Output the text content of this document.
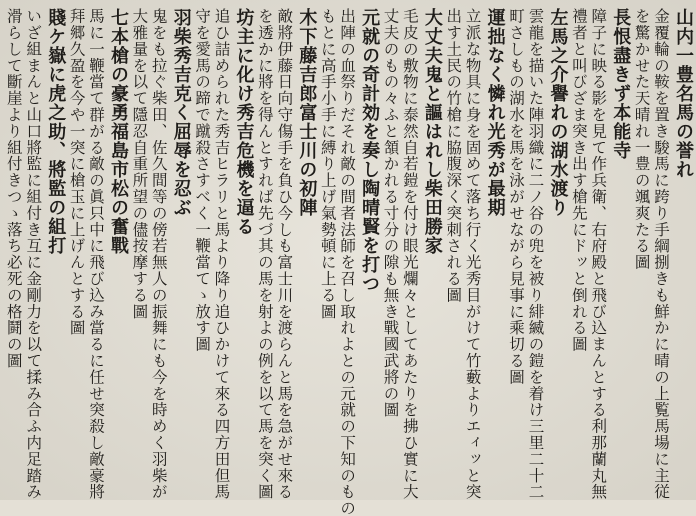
山内一豊名馬の誉れ
金覆輪の鞍を置き駿馬に跨り手綱捌きも鮮かに晴の上覧馬場に主従
を驚かせた天晴れ一豊の颯爽たる圖
長恨盡きず本能寺
障子に映る影を見て作兵衛、右府殿と飛び込まんとする利那蘭丸無
禮者と叫びざま突き出す槍先にドッと倒れる圖
左馬之介譽れの湖水渡り
雲龍を描いた陣羽織に二ノ谷の兜を被り緋縅の鎧を着け三里二十二
町さしもの湖水を馬を泳がせながら見事に乘切る圖
運拙なく憐れ光秀が最期
立派な物具に身を固めて落ち行く光秀目がけて竹藪よりエィッと突
出す土民の竹槍に脇腹深く突刺される圖
大丈夫鬼と謳はれし柴田勝家
毛皮の敷物に泰然自若鎧を付け眼光爛々としてあたりを拂ひ實に大
丈夫のもの々ふと頷かれる寸分の隙も無き戰國武將の圖
元就の奇計効を奏し陶晴賢を打つ
出陣の血祭りだそれ敵の間者法師を召し取れよとの元就の下知のもの
もとに高手小手に縛り上げ氣勢頓に上る圖
木下藤吉郎富士川の初陣
敵將伊藤日向守傷手を負ひ今しも富士川を渡らんと馬を急がせ來る
を透かに將を得んとすれば先づ其の馬を射よの例を以て馬を突く圖
坊主に化け秀吉危機を逼る
追ひ詰められた秀吉ヒラリと馬より降り追ひかけて來る四方田但馬
守を愛馬の蹄で蹴殺さすべく一鞭當てゝ放す圖
羽柴秀吉克く屈辱を忍ぶ
鬼をも拉ぐ柴田、佐久間等の傍若無人の振舞にも今を時めく羽柴が
大雅量を以て隱忍自重所望の儘按摩する圖
七本槍の豪勇福島市松の奮戰
馬に一鞭當て群がる敵の眞只中に飛び込み當るに任せ突殺し敵豪將
拜郷久盈を今や一突に槍玉に上げんとする圖
賤ケ嶽に虎之助、將監の組打
いざ組まんと山口將監に組付き互に金剛力を以て揉み合ふ内足踏み
滑らして斷崖より組付きつゝ落ち必死の格鬪の圖
